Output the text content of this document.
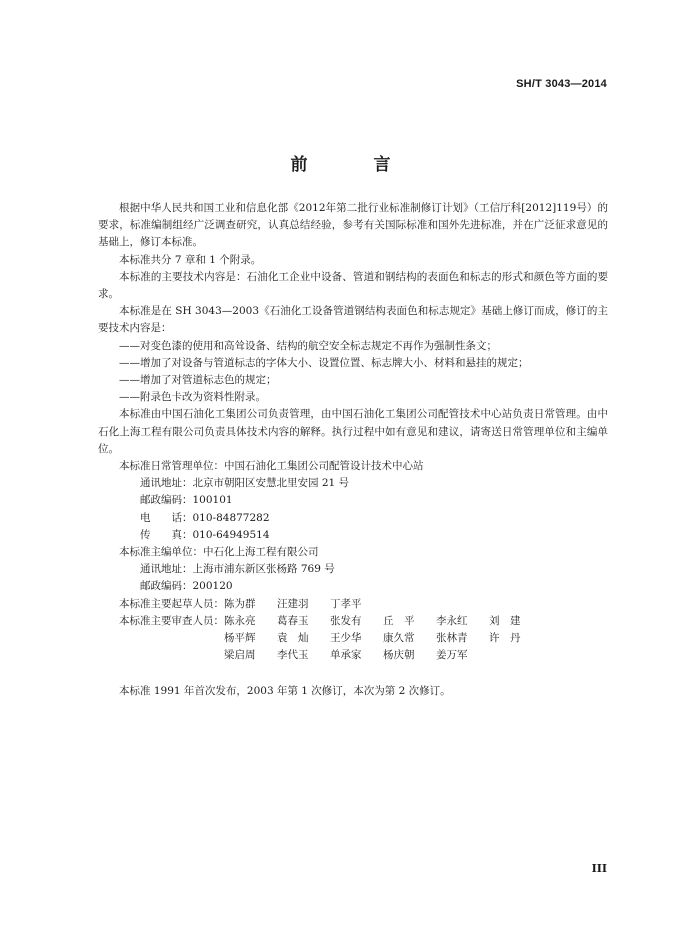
SH/T 3043—2014
前 言

根据中华人民共和国工业和信息化部《2012年第二批行业标准制修订计划》（工信厅科[2012]119号）的要求，标准编制组经广泛调查研究，认真总结经验，参考有关国际标准和国外先进标准，并在广泛征求意见的基础上，修订本标准。

本标准共分 7 章和 1 个附录。

本标准的主要技术内容是：石油化工企业中设备、管道和钢结构的表面色和标志的形式和颜色等方面的要求。

本标准是在 SH 3043—2003《石油化工设备管道钢结构表面色和标志规定》基础上修订而成，修订的主要技术内容是：

——对变色漆的使用和高耸设备、结构的航空安全标志规定不再作为强制性条文；

——增加了对设备与管道标志的字体大小、设置位置、标志牌大小、材料和悬挂的规定；

——增加了对管道标志色的规定；

——附录色卡改为资料性附录。

本标准由中国石油化工集团公司负责管理，由中国石油化工集团公司配管技术中心站负责日常管理。由中石化上海工程有限公司负责具体技术内容的解释。执行过程中如有意见和建议，请寄送日常管理单位和主编单位。

本标准日常管理单位： 中国石油化工集团公司配管设计技术中心站
通讯地址： 北京市朝阳区安慧北里安园 21 号
邮政编码： 100101
电　　话： 010-84877282
传　　真： 010-64949514
本标准主编单位： 中石化上海工程有限公司
通讯地址： 上海市浦东新区张杨路 769 号
邮政编码： 200120
本标准主要起草人员： 陈为群	汪建羽	丁孝平
本标准主要审查人员： 陈永亮	葛春玉	张发有	丘　平	李永红	刘　建
杨平辉	袁　灿	王少华	康久常	张林青	许　丹
梁启周	李代玉	单承家	杨庆朝	姜万军

本标准 1991 年首次发布，2003 年第 1 次修订，本次为第 2 次修订。

III
